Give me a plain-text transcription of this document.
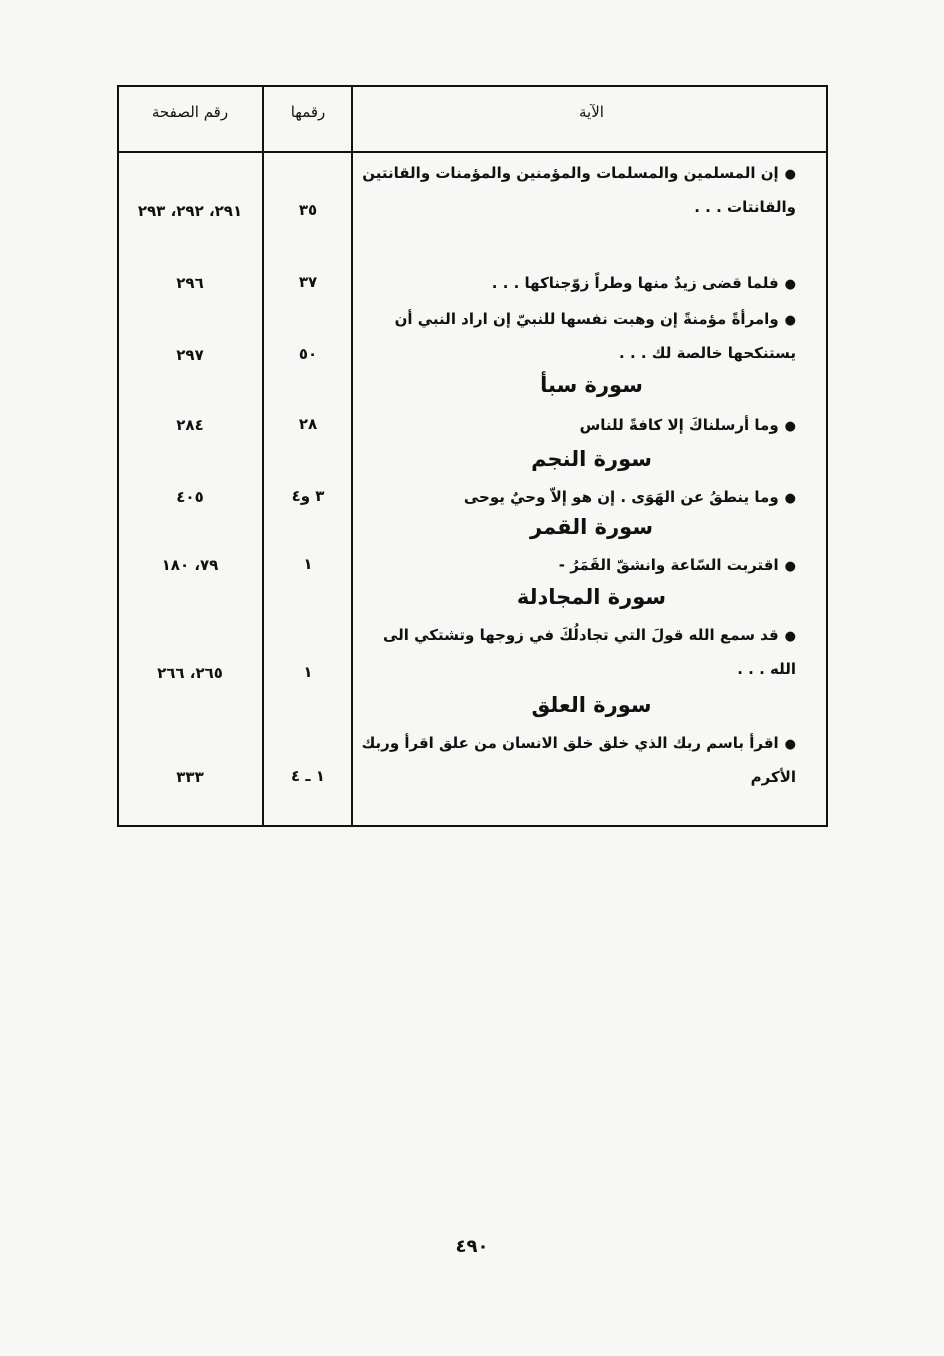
رقم الصفحة	رقمها	الآية
●إن المسلمين والمسلمات والمؤمنين والمؤمنات والقانتين والقانتات . . .
٣٥
٢٩١، ٢٩٢، ٢٩٣
●فلما قضى زيدٌ منها وطراً زوّجناكها . . .
٣٧
٢٩٦
●وامرأةً مؤمنةً إن وهبت نفسها للنبيّ إن اراد النبي أن يستنكحها خالصة لك . . .
٥٠
٢٩٧
سورة سبأ
●وما أرسلناكَ إلا كافةً للناس
٢٨
٢٨٤
سورة النجم
●وما ينطقُ عن الهَوَى . إن هو إلاّ وحيٌ يوحى
٣ و٤
٤٠٥
سورة القمر
●اقتربت السّاعة وانشقّ القَمَرُ -
١
٧٩، ١٨٠
سورة المجادلة
●قد سمع الله قولَ التي تجادلُكَ في زوجها وتشتكي الى الله . . .
١
٢٦٥، ٢٦٦
سورة العلق
●اقرأ باسم ربك الذي خلق خلق الانسان من علق اقرأ وربك الأكرم
١ ـ ٤
٣٣٣
٤٩٠
